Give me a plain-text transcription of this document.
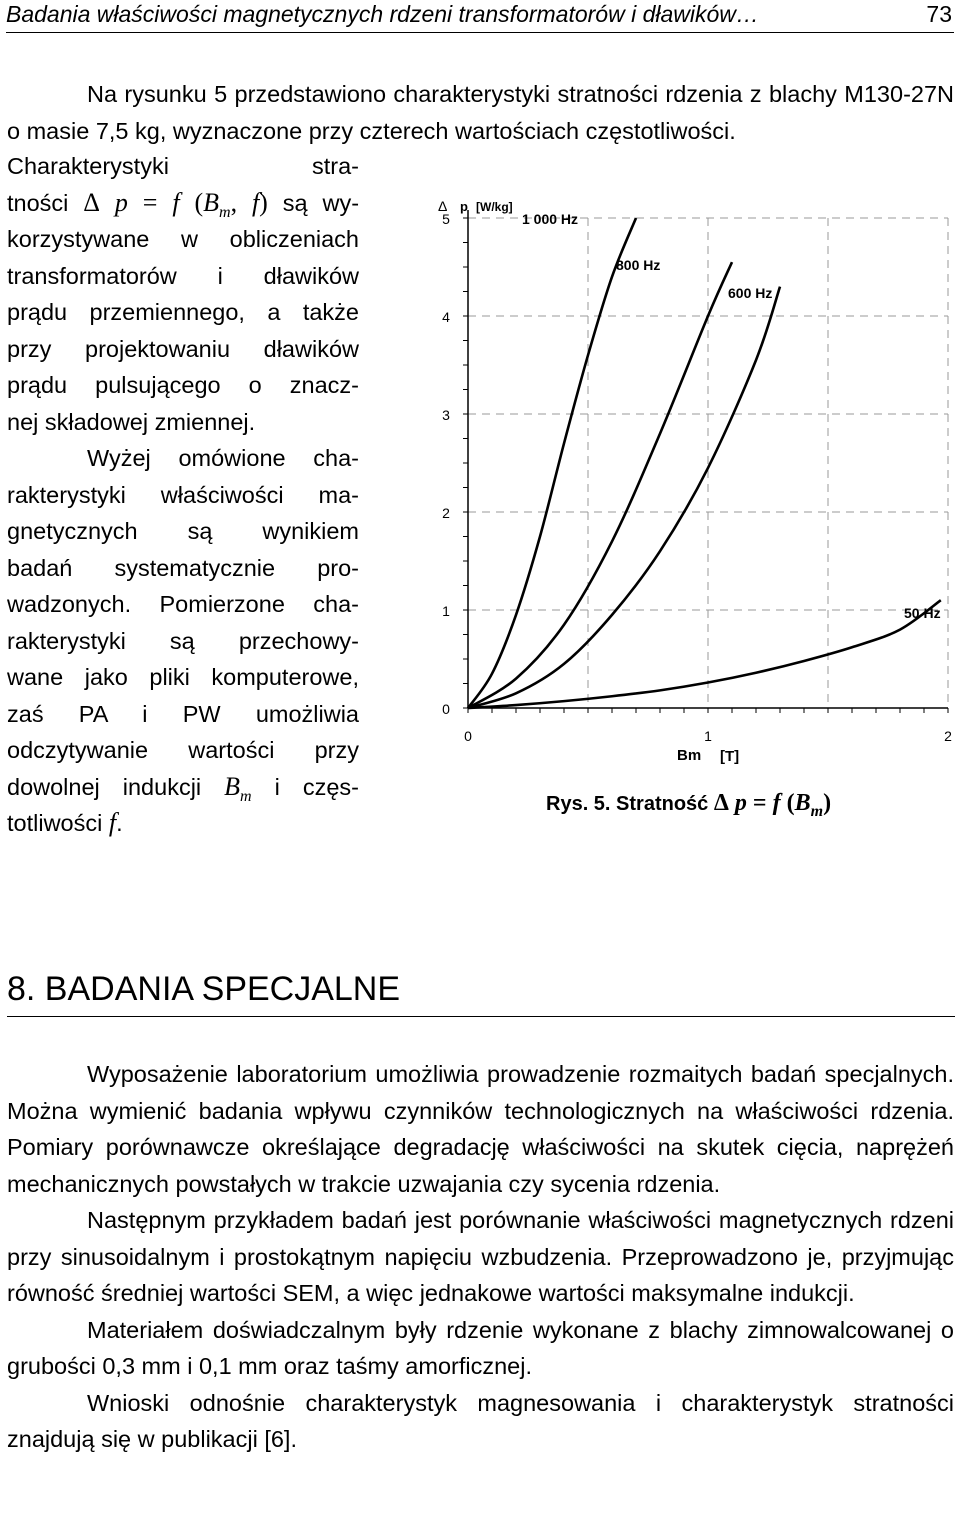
Badania właściwości magnetycznych rdzeni transformatorów i dławików…	73
Na rysunku 5 przedstawiono charakterystyki stratności rdzenia z blachy M130-27N o masie 7,5 kg, wyznaczone przy czterech wartościach częstotliwości.
Charakterystyki stra-
tności Δ p = f ($B_m$, f) są wy-
korzystywane w obliczeniach
transformatorów i dławików
prądu przemiennego, a także
przy projektowaniu dławików
prądu pulsującego o znacz-
nej składowej zmiennej.
Wyżej omówione cha-
rakterystyki właściwości ma-
gnetycznych są wynikiem
badań systematycznie pro-
wadzonych. Pomierzone cha-
rakterystyki są przechowy-
wane jako pliki komputerowe,
zaś PA i PW umożliwia
odczytywanie wartości przy
dowolnej indukcji $B_m$ i częs-
totliwości f.
0
1
2
3
4
5
0	1	2
Δ p [W/kg]
Bm [T]
1 000 Hz
800 Hz
600 Hz
50 Hz
Rys. 5. Stratność Δ p = f $(B_m)$
8. BADANIA SPECJALNE

Wyposażenie laboratorium umożliwia prowadzenie rozmaitych badań specjalnych. Można wymienić badania wpływu czynników technologicznych na właściwości rdzenia. Pomiary porównawcze określające degradację właściwości na skutek cięcia, naprężeń mechanicznych powstałych w trakcie uzwajania czy sycenia rdzenia.

Następnym przykładem badań jest porównanie właściwości magnetycznych rdzeni przy sinusoidalnym i prostokątnym napięciu wzbudzenia. Przeprowadzono je, przyjmując równość średniej wartości SEM, a więc jednakowe wartości maksymalne indukcji.

Materiałem doświadczalnym były rdzenie wykonane z blachy zimnowalcowanej o grubości 0,3 mm i 0,1 mm oraz taśmy amorficznej.

Wnioski odnośnie charakterystyk magnesowania i charakterystyk stratności znajdują się w publikacji [6].
